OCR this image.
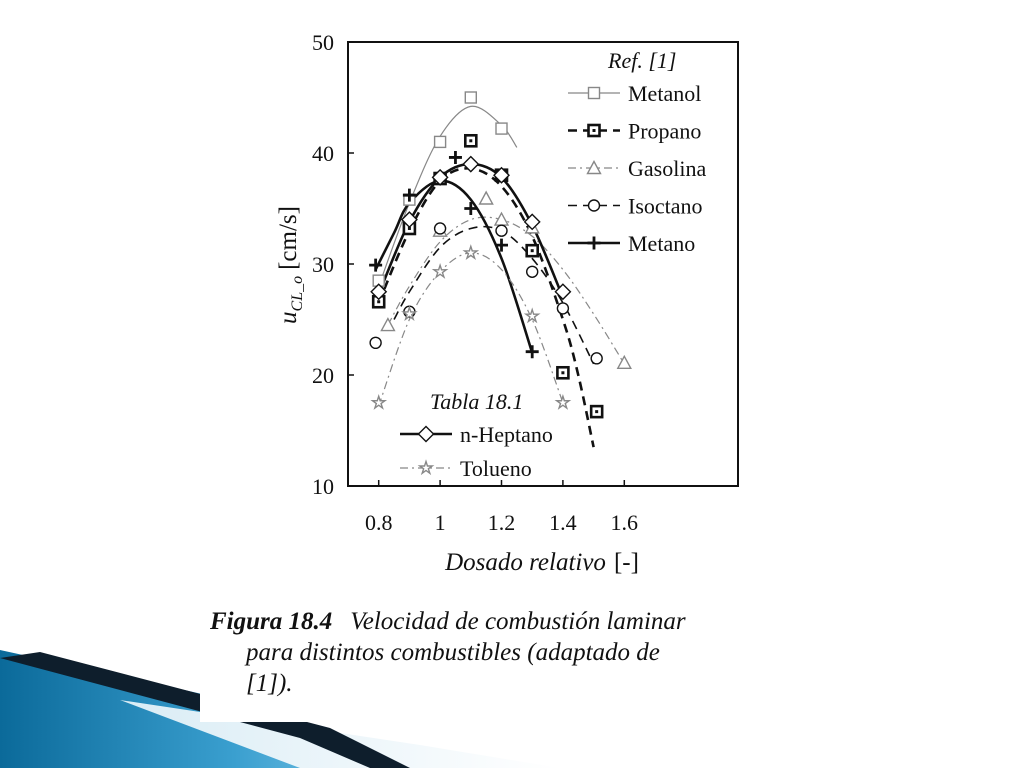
0.8 1 1.2 1.4 1.6
10
20
30
40
50
Ref. [1]
Metanol
Propano
Gasolina
Isoctano
Metano
Tabla 18.1
n-Heptano
Tolueno
Dosado relativo [-]
$u_{CL\_o}[cm/s]$
Figura 18.4 Velocidad de combustión laminar
para distintos combustibles (adaptado de
[1]).
